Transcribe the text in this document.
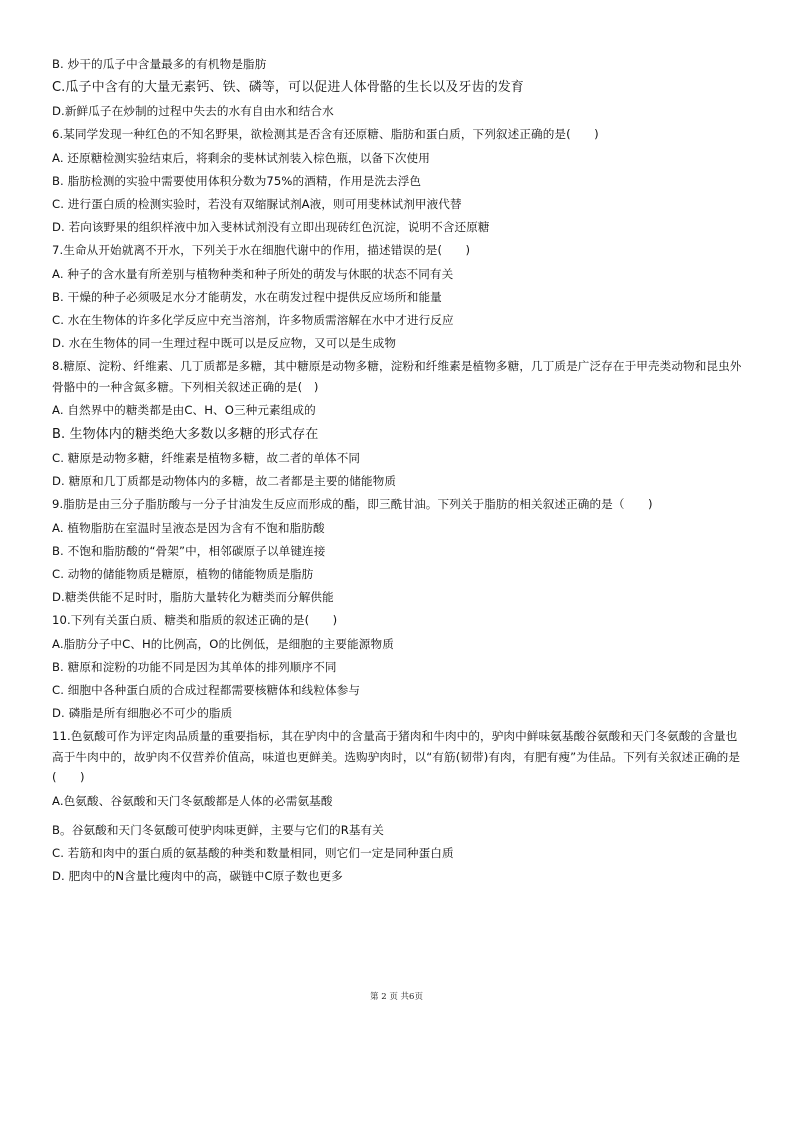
B. 炒干的瓜子中含量最多的有机物是脂肪
C.瓜子中含有的大量无素钙、铁、磷等，可以促进人体骨骼的生长以及牙齿的发育
D.新鲜瓜子在炒制的过程中失去的水有自由水和结合水
6.某同学发现一种红色的不知名野果，欲检测其是否含有还原糖、脂肪和蛋白质，下列叙述正确的是(　　)
A. 还原糖检测实验结束后，将剩余的斐林试剂装入棕色瓶，以备下次使用
B. 脂肪检测的实验中需要使用体积分数为75%的酒精，作用是洗去浮色
C. 进行蛋白质的检测实验时，若没有双缩脲试剂A液，则可用斐林试剂甲液代替
D. 若向该野果的组织样液中加入斐林试剂没有立即出现砖红色沉淀，说明不含还原糖
7.生命从开始就离不开水，下列关于水在细胞代谢中的作用，描述错误的是(　　)
A. 种子的含水量有所差别与植物种类和种子所处的萌发与休眠的状态不同有关
B. 干燥的种子必须吸足水分才能萌发，水在萌发过程中提供反应场所和能量
C. 水在生物体的许多化学反应中充当溶剂，许多物质需溶解在水中才进行反应
D. 水在生物体的同一生理过程中既可以是反应物，又可以是生成物
8.糖原、淀粉、纤维素、几丁质都是多糖，其中糖原是动物多糖，淀粉和纤维素是植物多糖，几丁质是广泛存在于甲壳类动物和昆虫外骨骼中的一种含氮多糖。下列相关叙述正确的是(　)
A. 自然界中的糖类都是由C、H、O三种元素组成的
B. 生物体内的糖类绝大多数以多糖的形式存在
C. 糖原是动物多糖，纤维素是植物多糖，故二者的单体不同
D. 糖原和几丁质都是动物体内的多糖，故二者都是主要的储能物质
9.脂肪是由三分子脂肪酸与一分子甘油发生反应而形成的酯，即三酰甘油。下列关于脂肪的相关叙述正确的是（　　)
A. 植物脂肪在室温时呈液态是因为含有不饱和脂肪酸
B. 不饱和脂肪酸的“骨架”中，相邻碳原子以单键连接
C. 动物的储能物质是糖原，植物的储能物质是脂肪
D.糖类供能不足时时，脂肪大量转化为糖类而分解供能
10.下列有关蛋白质、糖类和脂质的叙述正确的是(　　)
A.脂肪分子中C、H的比例高，O的比例低，是细胞的主要能源物质
B. 糖原和淀粉的功能不同是因为其单体的排列顺序不同
C. 细胞中各种蛋白质的合成过程都需要核糖体和线粒体参与
D. 磷脂是所有细胞必不可少的脂质
11.色氨酸可作为评定肉品质量的重要指标，其在驴肉中的含量高于猪肉和牛肉中的，驴肉中鲜味氨基酸谷氨酸和天门冬氨酸的含量也高于牛肉中的，故驴肉不仅营养价值高，味道也更鲜美。选购驴肉时，以“有筋(韧带)有肉，有肥有瘦”为佳品。下列有关叙述正确的是(　　)
A.色氨酸、谷氨酸和天门冬氨酸都是人体的必需氨基酸
B。谷氨酸和天门冬氨酸可使驴肉味更鲜，主要与它们的R基有关
C. 若筋和肉中的蛋白质的氨基酸的种类和数量相同，则它们一定是同种蛋白质
D. 肥肉中的N含量比瘦肉中的高，碳链中C原子数也更多
第 2 页 共6页
